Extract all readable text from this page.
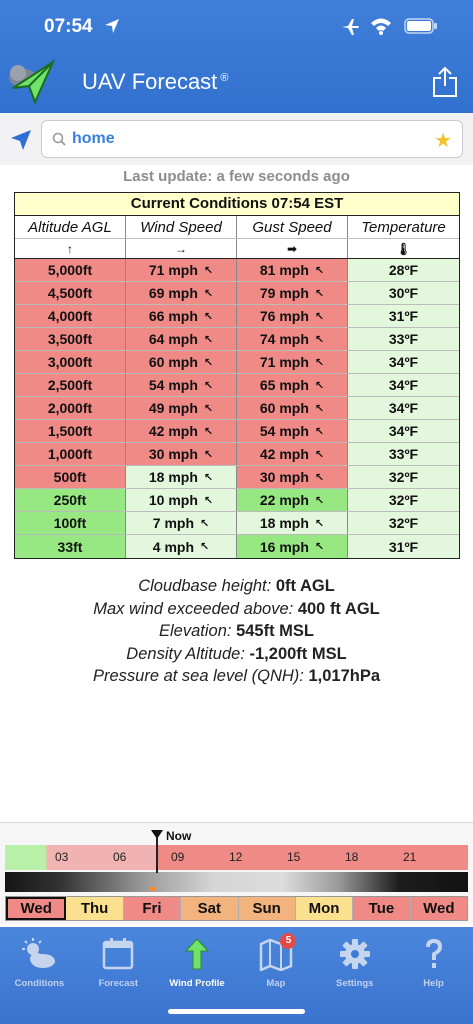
07:54
UAV Forecast ®
home	★
Last update: a few seconds ago
Current Conditions 07:54 EST
Altitude AGL	Wind Speed	Gust Speed	Temperature
↑	→	➡	🌡
5,000ft	71 mph ↖	81 mph ↖	28ºF
4,500ft	69 mph ↖	79 mph ↖	30ºF
4,000ft	66 mph ↖	76 mph ↖	31ºF
3,500ft	64 mph ↖	74 mph ↖	33ºF
3,000ft	60 mph ↖	71 mph ↖	34ºF
2,500ft	54 mph ↖	65 mph ↖	34ºF
2,000ft	49 mph ↖	60 mph ↖	34ºF
1,500ft	42 mph ↖	54 mph ↖	34ºF
1,000ft	30 mph ↖	42 mph ↖	33ºF
500ft	18 mph ↖	30 mph ↖	32ºF
250ft	10 mph ↖	22 mph ↖	32ºF
100ft	7 mph ↖	18 mph ↖	32ºF
33ft	4 mph ↖	16 mph ↖	31ºF
Cloudbase height: 0ft AGL
Max wind exceeded above: 400 ft AGL
Elevation: 545ft MSL
Density Altitude: -1,200ft MSL
Pressure at sea level (QNH): 1,017hPa
03	06	09	12	15	18	21
Now
Wed	Thu	Fri	Sat	Sun	Mon	Tue	Wed
Conditions	Forecast	Wind Profile
5
Map	Settings	Help
